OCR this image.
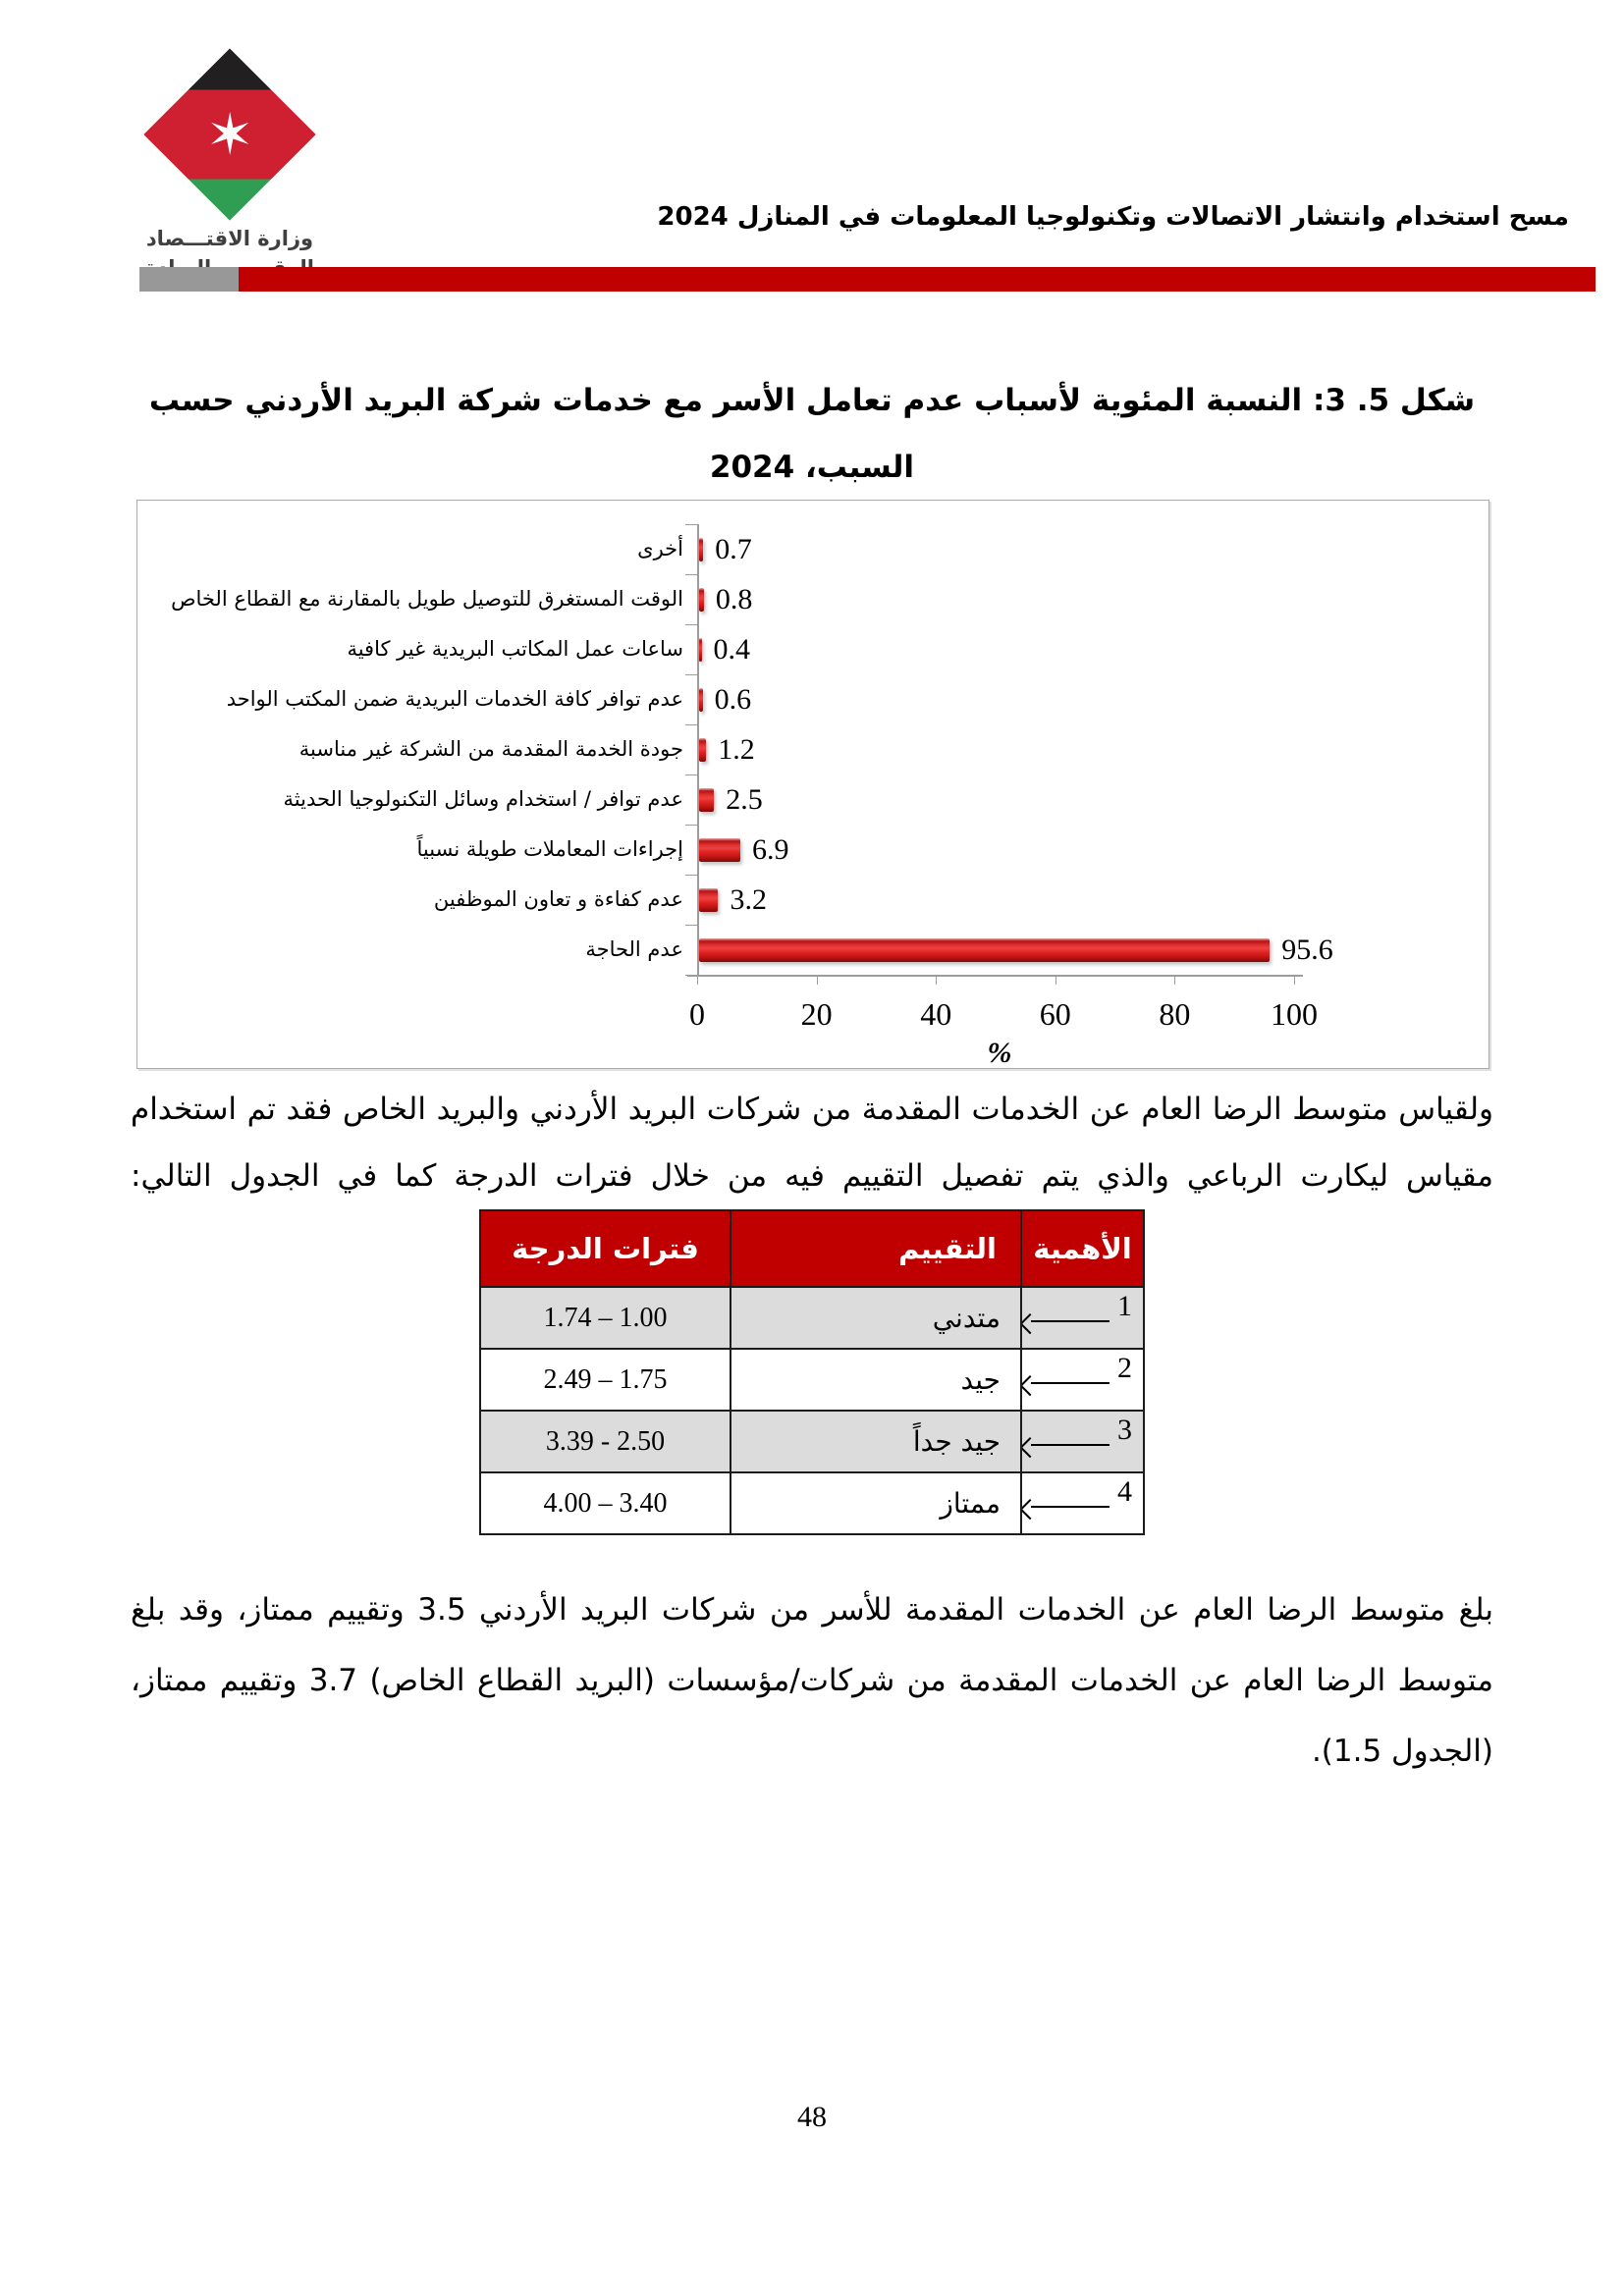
✶
وزارة الاقتـــصاد
مسح استخدام وانتشار الاتصالات وتكنولوجيا المعلومات في المنازل 2024
شكل 5. 3: النسبة المئوية لأسباب عدم تعامل الأسر مع خدمات شركة البريد الأردني حسب
السبب، 2024
%
أخرى 0.7
الوقت المستغرق للتوصيل طويل بالمقارنة مع القطاع الخاص 0.8
ساعات عمل المكاتب البريدية غير كافية 0.4
عدم توافر كافة الخدمات البريدية ضمن المكتب الواحد 0.6
جودة الخدمة المقدمة من الشركة غير مناسبة 1.2
عدم توافر / استخدام وسائل التكنولوجيا الحديثة 2.5
إجراءات المعاملات طويلة نسبياً 6.9
عدم كفاءة و تعاون الموظفين 3.2
عدم الحاجة	95.6
0	20	40	60	80	100
ولقياس متوسط الرضا العام عن الخدمات المقدمة من شركات البريد الأردني والبريد الخاص فقد تم استخدام
مقياس ليكارت الرباعي والذي يتم تفصيل التقييم فيه من خلال فترات الدرجة كما في الجدول التالي:
الأهمية	التقييم	فترات الدرجة

1	متدني	1.74 – 1.00

2	جيد	2.49 – 1.75

3	جيد جداً	3.39 - 2.50

4	ممتاز	4.00 – 3.40
بلغ متوسط الرضا العام عن الخدمات المقدمة للأسر من شركات البريد الأردني 3.5 وتقييم ممتاز، وقد بلغ
متوسط الرضا العام عن الخدمات المقدمة من شركات/مؤسسات (البريد القطاع الخاص) 3.7 وتقييم ممتاز،
(الجدول 1.5).
48
